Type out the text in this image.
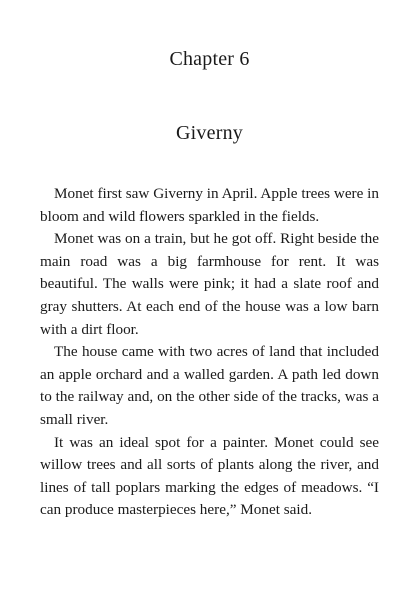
Chapter 6
Giverny

Monet first saw Giverny in April. Apple trees were in bloom and wild flowers sparkled in the fields.

Monet was on a train, but he got off. Right beside the main road was a big farmhouse for rent. It was beautiful. The walls were pink; it had a slate roof and gray shutters. At each end of the house was a low barn with a dirt floor.

The house came with two acres of land that included an apple orchard and a walled garden. A path led down to the railway and, on the other side of the tracks, was a small river.

It was an ideal spot for a painter. Monet could see willow trees and all sorts of plants along the river, and lines of tall poplars marking the edges of meadows. “I can produce masterpieces here,” Monet said.
